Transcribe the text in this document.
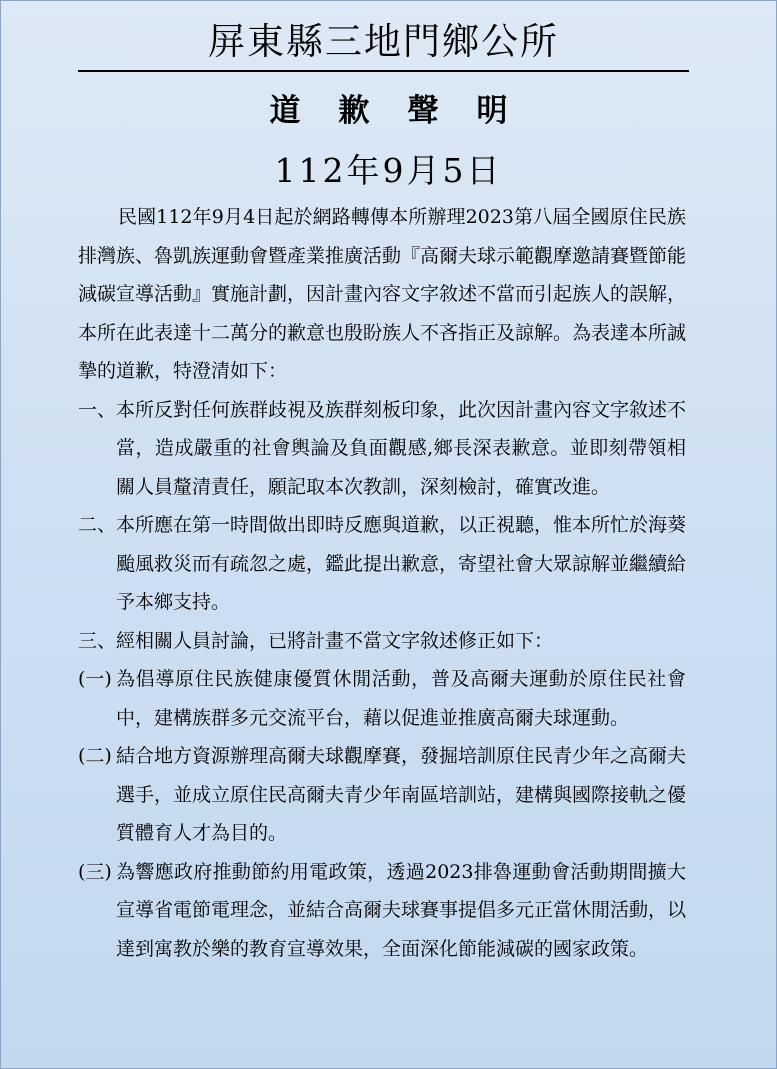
屏東縣三地門鄉公所
道歉聲明
112年9月5日

民國112年9月4日起於網路轉傳本所辦理2023第八屆全國原住民族排灣族、魯凱族運動會暨產業推廣活動『高爾夫球示範觀摩邀請賽暨節能減碳宣導活動』實施計劃，因計畫內容文字敘述不當而引起族人的誤解，本所在此表達十二萬分的歉意也殷盼族人不吝指正及諒解。為表達本所誠摯的道歉，特澄清如下：

一、 本所反對任何族群歧視及族群刻板印象，此次因計畫內容文字敘述不當，造成嚴重的社會輿論及負面觀感,鄉長深表歉意。並即刻帶領相關人員釐清責任，願記取本次教訓，深刻檢討，確實改進。
二、 本所應在第一時間做出即時反應與道歉，以正視聽，惟本所忙於海葵颱風救災而有疏忽之處，鑑此提出歉意，寄望社會大眾諒解並繼續給予本鄉支持。
三、 經相關人員討論，已將計畫不當文字敘述修正如下：
(一) 為倡導原住民族健康優質休閒活動，普及高爾夫運動於原住民社會中，建構族群多元交流平台，藉以促進並推廣高爾夫球運動。
(二) 結合地方資源辦理高爾夫球觀摩賽，發掘培訓原住民青少年之高爾夫選手，並成立原住民高爾夫青少年南區培訓站，建構與國際接軌之優質體育人才為目的。
(三) 為響應政府推動節約用電政策，透過2023排魯運動會活動期間擴大宣導省電節電理念，並結合高爾夫球賽事提倡多元正當休閒活動，以達到寓教於樂的教育宣導效果，全面深化節能減碳的國家政策。
